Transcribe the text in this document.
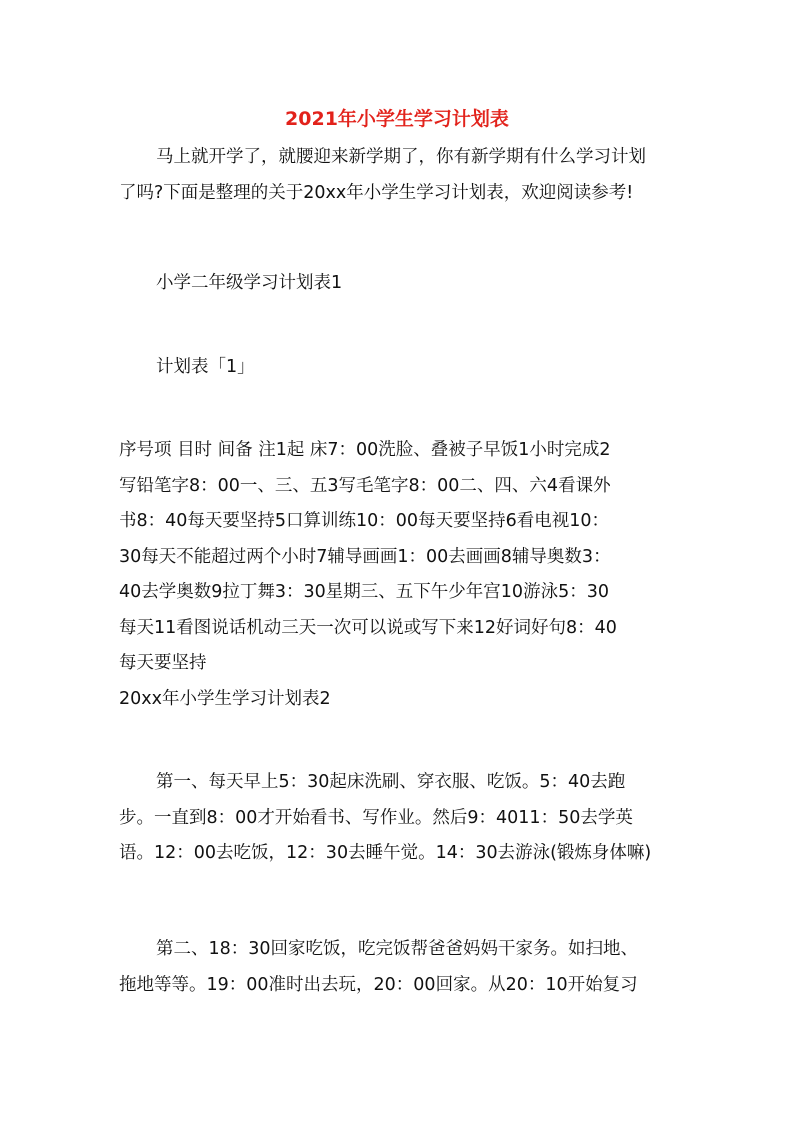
2021年小学生学习计划表

马上就开学了，就腰迎来新学期了，你有新学期有什么学习计划
了吗?下面是整理的关于20xx年小学生学习计划表，欢迎阅读参考!

小学二年级学习计划表1

计划表「1」

序号项 目时 间备 注1起 床7：00洗脸、叠被子早饭1小时完成2
写铅笔字8：00一、三、五3写毛笔字8：00二、四、六4看课外
书8：40每天要坚持5口算训练10：00每天要坚持6看电视10：
30每天不能超过两个小时7辅导画画1：00去画画8辅导奥数3：
40去学奥数9拉丁舞3：30星期三、五下午少年宫10游泳5：30
每天11看图说话机动三天一次可以说或写下来12好词好句8：40
每天要坚持
20xx年小学生学习计划表2

第一、每天早上5：30起床洗刷、穿衣服、吃饭。5：40去跑
步。一直到8：00才开始看书、写作业。然后9：4011：50去学英
语。12：00去吃饭，12：30去睡午觉。14：30去游泳(锻炼身体嘛)

第二、18：30回家吃饭，吃完饭帮爸爸妈妈干家务。如扫地、
拖地等等。19：00准时出去玩，20：00回家。从20：10开始复习
